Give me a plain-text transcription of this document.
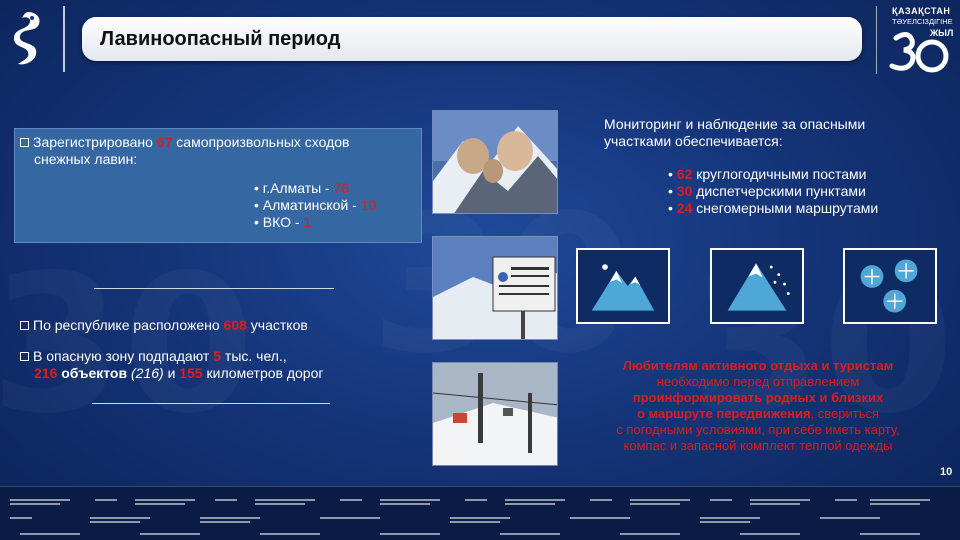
Лавиноопасный период
ҚАЗАҚСТАН
ТӘУЕЛСІЗДІГІНЕ
ЖЫЛ
Зарегистрировано 67 самопроизвольных сходов
снежных лавин:
• г.Алматы - 76
• Алматинской - 10
• ВКО - 1
По республике расположено 608 участков
В опасную зону подпадают 5 тыс. чел.,
216 объектов (216) и 155 километров дорог
Мониторинг и наблюдение за опасными
участками обеспечивается:
• 62 круглогодичными постами
• 30 диспетчерскими пунктами
• 24 снегомерными маршрутами
Любителям активного отдыха и туристам
необходимо перед отправлением
проинформировать родных и близких
о маршруте передвижения, свериться
с погодными условиями, при себе иметь карту,
компас и запасной комплект теплой одежды
10
